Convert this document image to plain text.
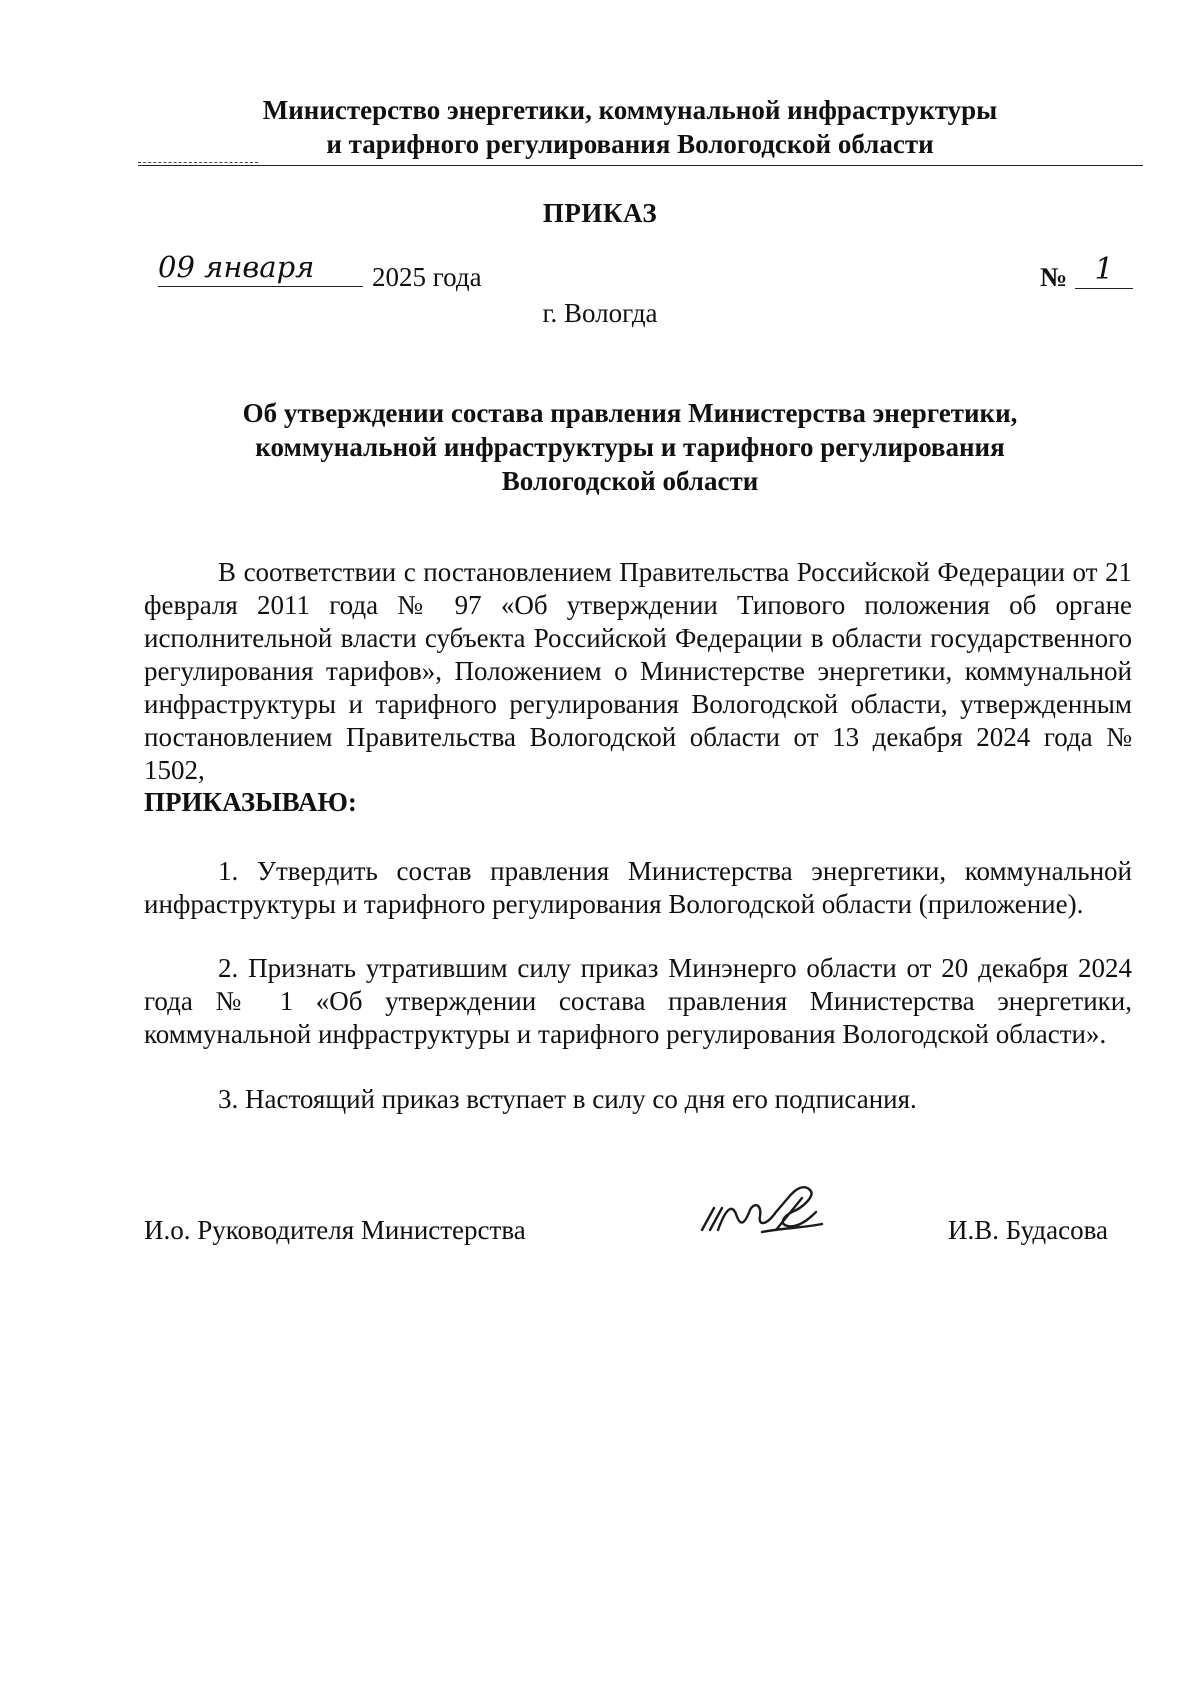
Министерство энергетики, коммунальной инфраструктуры
и тарифного регулирования Вологодской области
ПРИКАЗ
09 января	2025 года	№ 1
г. Вологда
Об утверждении состава правления Министерства энергетики, коммунальной инфраструктуры и тарифного регулирования Вологодской области
В соответствии с постановлением Правительства Российской Федерации от 21 февраля 2011 года № 97 «Об утверждении Типового положения об органе исполнительной власти субъекта Российской Федерации в области государственного регулирования тарифов», Положением о Министерстве энергетики, коммунальной инфраструктуры и тарифного регулирования Вологодской области, утвержденным постановлением Правительства Вологодской области от 13 декабря 2024 года № 1502,
ПРИКАЗЫВАЮ:
1. Утвердить состав правления Министерства энергетики, коммунальной инфраструктуры и тарифного регулирования Вологодской области (приложение).
2. Признать утратившим силу приказ Минэнерго области от 20 декабря 2024 года № 1 «Об утверждении состава правления Министерства энергетики, коммунальной инфраструктуры и тарифного регулирования Вологодской области».
3. Настоящий приказ вступает в силу со дня его подписания.
И.о. Руководителя Министерства	И.В. Будасова
